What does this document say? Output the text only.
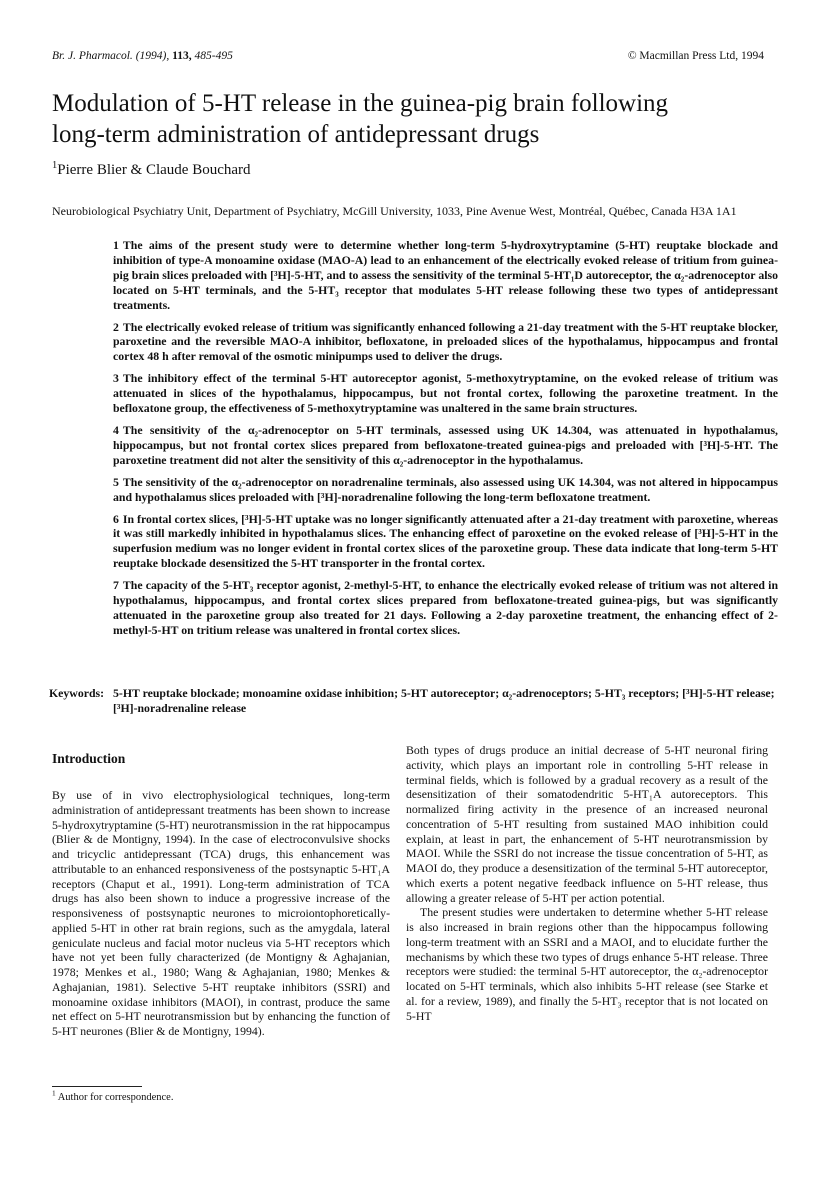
Br. J. Pharmacol. (1994), 113, 485-495	© Macmillan Press Ltd, 1994
Modulation of 5-HT release in the guinea-pig brain following
long-term administration of antidepressant drugs
$^1$Pierre Blier & Claude Bouchard
Neurobiological Psychiatry Unit, Department of Psychiatry, McGill University, 1033, Pine Avenue West, Montréal, Québec, Canada H3A 1A1

1 The aims of the present study were to determine whether long-term 5-hydroxytryptamine (5-HT) reuptake blockade and inhibition of type-A monoamine oxidase (MAO-A) lead to an enhancement of the electrically evoked release of tritium from guinea-pig brain slices preloaded with [³H]-5-HT, and to assess the sensitivity of the terminal 5-HT₁D autoreceptor, the α₂-adrenoceptor also located on 5-HT terminals, and the 5-HT₃ receptor that modulates 5-HT release following these two types of antidepressant treatments.

2 The electrically evoked release of tritium was significantly enhanced following a 21-day treatment with the 5-HT reuptake blocker, paroxetine and the reversible MAO-A inhibitor, befloxatone, in preloaded slices of the hypothalamus, hippocampus and frontal cortex 48 h after removal of the osmotic minipumps used to deliver the drugs.

3 The inhibitory effect of the terminal 5-HT autoreceptor agonist, 5-methoxytryptamine, on the evoked release of tritium was attenuated in slices of the hypothalamus, hippocampus, but not frontal cortex, following the paroxetine treatment. In the befloxatone group, the effectiveness of 5-methoxytryptamine was unaltered in the same brain structures.

4 The sensitivity of the α₂-adrenoceptor on 5-HT terminals, assessed using UK 14.304, was attenuated in hypothalamus, hippocampus, but not frontal cortex slices prepared from befloxatone-treated guinea-pigs and preloaded with [³H]-5-HT. The paroxetine treatment did not alter the sensitivity of this α₂-adrenoceptor in the hypothalamus.

5 The sensitivity of the α₂-adrenoceptor on noradrenaline terminals, also assessed using UK 14.304, was not altered in hippocampus and hypothalamus slices preloaded with [³H]-noradrenaline following the long-term befloxatone treatment.

6 In frontal cortex slices, [³H]-5-HT uptake was no longer significantly attenuated after a 21-day treatment with paroxetine, whereas it was still markedly inhibited in hypothalamus slices. The enhancing effect of paroxetine on the evoked release of [³H]-5-HT in the superfusion medium was no longer evident in frontal cortex slices of the paroxetine group. These data indicate that long-term 5-HT reuptake blockade desensitized the 5-HT transporter in the frontal cortex.

7 The capacity of the 5-HT₃ receptor agonist, 2-methyl-5-HT, to enhance the electrically evoked release of tritium was not altered in hypothalamus, hippocampus, and frontal cortex slices prepared from befloxatone-treated guinea-pigs, but was significantly attenuated in the paroxetine group also treated for 21 days. Following a 2-day paroxetine treatment, the enhancing effect of 2-methyl-5-HT on tritium release was unaltered in frontal cortex slices.

Keywords: 5-HT reuptake blockade; monoamine oxidase inhibition; 5-HT autoreceptor; α₂-adrenoceptors; 5-HT₃ receptors; [³H]-5-HT release; [³H]-noradrenaline release
Introduction

By use of in vivo electrophysiological techniques, long-term administration of antidepressant treatments has been shown to increase 5-hydroxytryptamine (5-HT) neurotransmission in the rat hippocampus (Blier & de Montigny, 1994). In the case of electroconvulsive shocks and tricyclic antidepressant (TCA) drugs, this enhancement was attributable to an enhanced responsiveness of the postsynaptic 5-HT₁A receptors (Chaput et al., 1991). Long-term administration of TCA drugs has also been shown to induce a progressive increase of the responsiveness of postsynaptic neurones to microiontophoretically-applied 5-HT in other rat brain regions, such as the amygdala, lateral geniculate nucleus and facial motor nucleus via 5-HT receptors which have not yet been fully characterized (de Montigny & Aghajanian, 1978; Menkes et al., 1980; Wang & Aghajanian, 1980; Menkes & Aghajanian, 1981). Selective 5-HT reuptake inhibitors (SSRI) and monoamine oxidase inhibitors (MAOI), in contrast, produce the same net effect on 5-HT neurotransmission but by enhancing the function of 5-HT neurones (Blier & de Montigny, 1994).

Both types of drugs produce an initial decrease of 5-HT neuronal firing activity, which plays an important role in controlling 5-HT release in terminal fields, which is followed by a gradual recovery as a result of the desensitization of their somatodendritic 5-HT₁A autoreceptors. This normalized firing activity in the presence of an increased neuronal concentration of 5-HT resulting from sustained MAO inhibition could explain, at least in part, the enhancement of 5-HT neurotransmission by MAOI. While the SSRI do not increase the tissue concentration of 5-HT, as MAOI do, they produce a desensitization of the terminal 5-HT autoreceptor, which exerts a potent negative feedback influence on 5-HT release, thus allowing a greater release of 5-HT per action potential.

The present studies were undertaken to determine whether 5-HT release is also increased in brain regions other than the hippocampus following long-term treatment with an SSRI and a MAOI, and to elucidate further the mechanisms by which these two types of drugs enhance 5-HT release. Three receptors were studied: the terminal 5-HT autoreceptor, the α₂-adrenoceptor located on 5-HT terminals, which also inhibits 5-HT release (see Starke et al. for a review, 1989), and finally the 5-HT₃ receptor that is not located on 5-HT

$^1$ Author for correspondence.
